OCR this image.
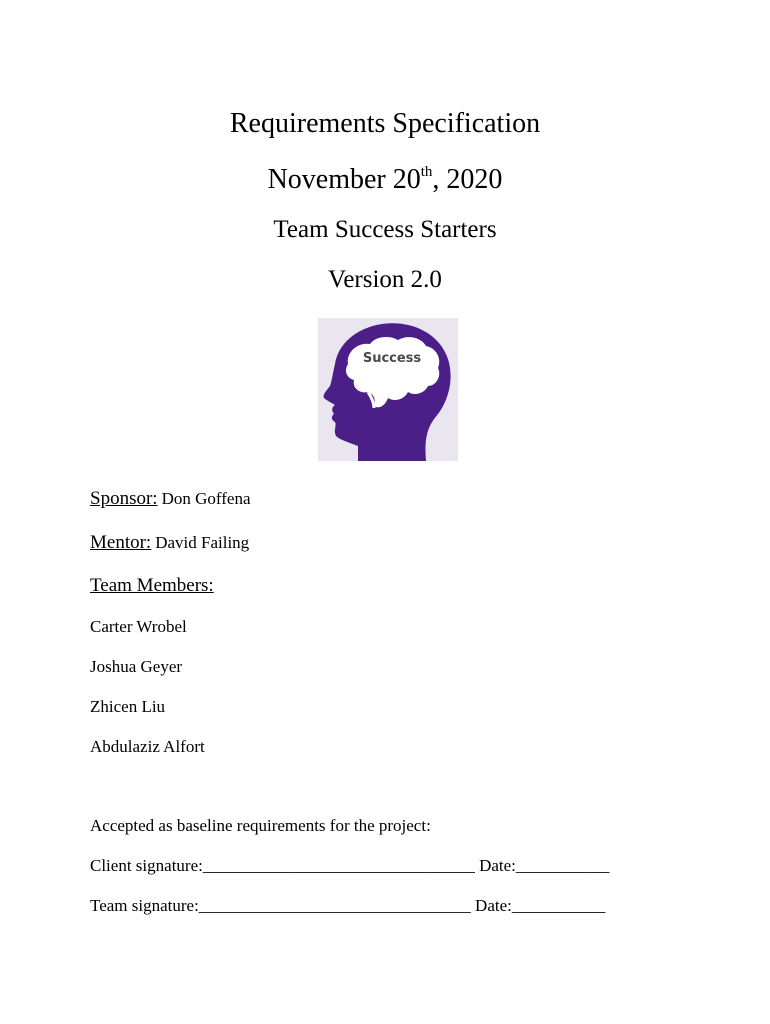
Requirements Specification
November 20th, 2020
Team Success Starters
Version 2.0
Success
Sponsor: Don Goffena
Mentor: David Failing
Team Members:
Carter Wrobel
Joshua Geyer
Zhicen Liu
Abdulaziz Alfort
Accepted as baseline requirements for the project:
Client signature:________________________________ Date:___________
Team signature:________________________________ Date:___________
